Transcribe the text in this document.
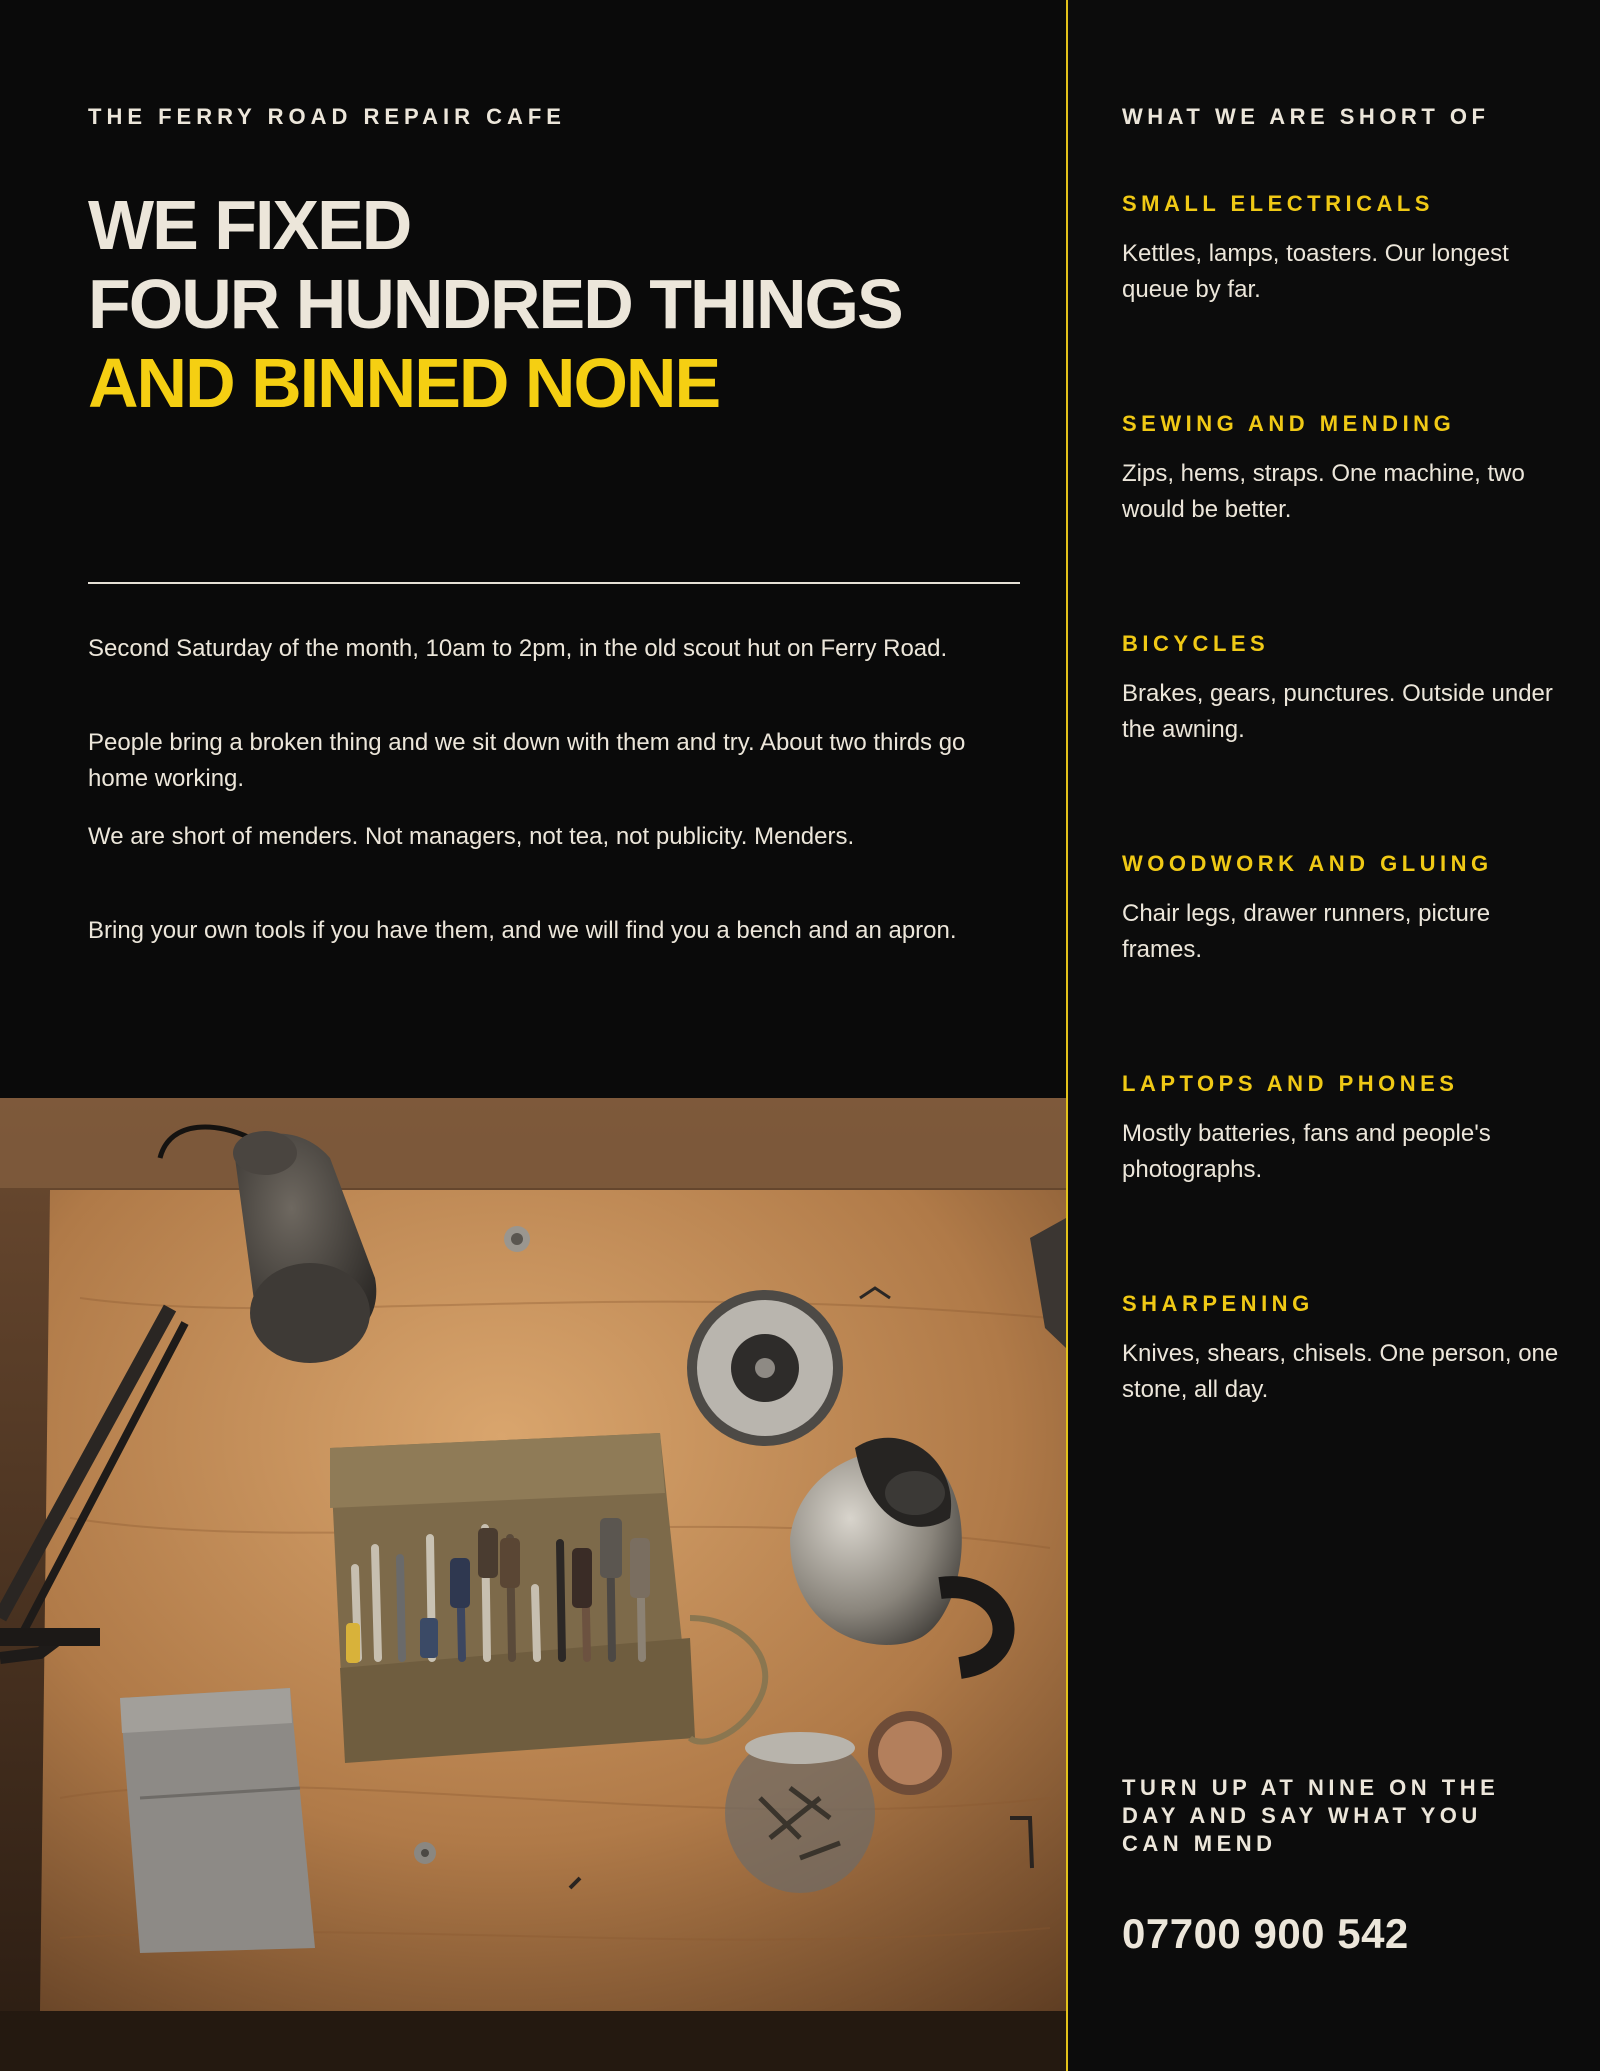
THE FERRY ROAD REPAIR CAFE
WE FIXED
FOUR HUNDRED THINGS
AND BINNED NONE
Second Saturday of the month, 10am to 2pm, in the old scout hut on Ferry Road.
People bring a broken thing and we sit down with them and try. About two thirds go home working.
We are short of menders. Not managers, not tea, not publicity. Menders.
Bring your own tools if you have them, and we will find you a bench and an apron.
WHAT WE ARE SHORT OF
SMALL ELECTRICALS

Kettles, lamps, toasters. Our longest queue by far.

SEWING AND MENDING

Zips, hems, straps. One machine, two would be better.

BICYCLES

Brakes, gears, punctures. Outside under the awning.

WOODWORK AND GLUING

Chair legs, drawer runners, picture frames.

LAPTOPS AND PHONES

Mostly batteries, fans and people's photographs.

SHARPENING

Knives, shears, chisels. One person, one stone, all day.

TURN UP AT NINE ON THE DAY AND SAY WHAT YOU CAN MEND
07700 900 542
